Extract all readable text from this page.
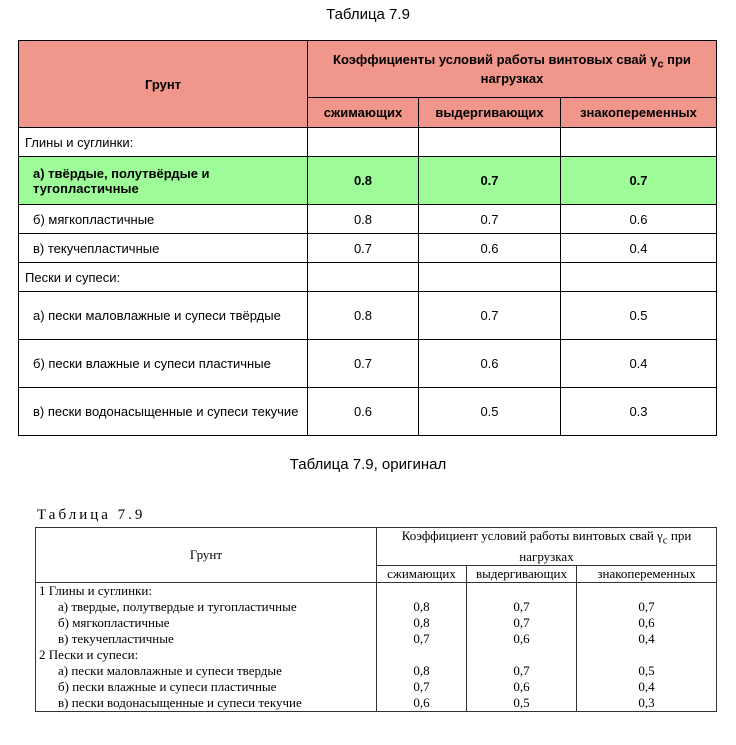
Таблица 7.9
Грунт	Коэффициенты условий работы винтовых свай $\gamma_c$ при нагрузках		
	сжимающих	выдергивающих	знакопеременных
Глины и суглинки:			
а) твёрдые, полутвёрдые и тугопластичные	0.8	0.7	0.7
б) мягкопластичные	0.8	0.7	0.6
в) текучепластичные	0.7	0.6	0.4
Пески и супеси:			
а) пески маловлажные и супеси твёрдые	0.8	0.7	0.5
б) пески влажные и супеси пластичные	0.7	0.6	0.4
в) пески водонасыщенные и супеси текучие	0.6	0.5	0.3
Таблица 7.9, оригинал
Таблица 7.9
Грунт	Коэффициент условий работы винтовых свай $\gamma_c$ при нагрузках		
	сжимающих	выдергивающих	знакопеременных
1 Глины и суглинки:			
а) твердые, полутвердые и тугопластичные	0,8	0,7	0,7
б) мягкопластичные	0,8	0,7	0,6
в) текучепластичные	0,7	0,6	0,4
2 Пески и супеси:			
а) пески маловлажные и супеси твердые	0,8	0,7	0,5
б) пески влажные и супеси пластичные	0,7	0,6	0,4
в) пески водонасыщенные и супеси текучие	0,6	0,5	0,3
